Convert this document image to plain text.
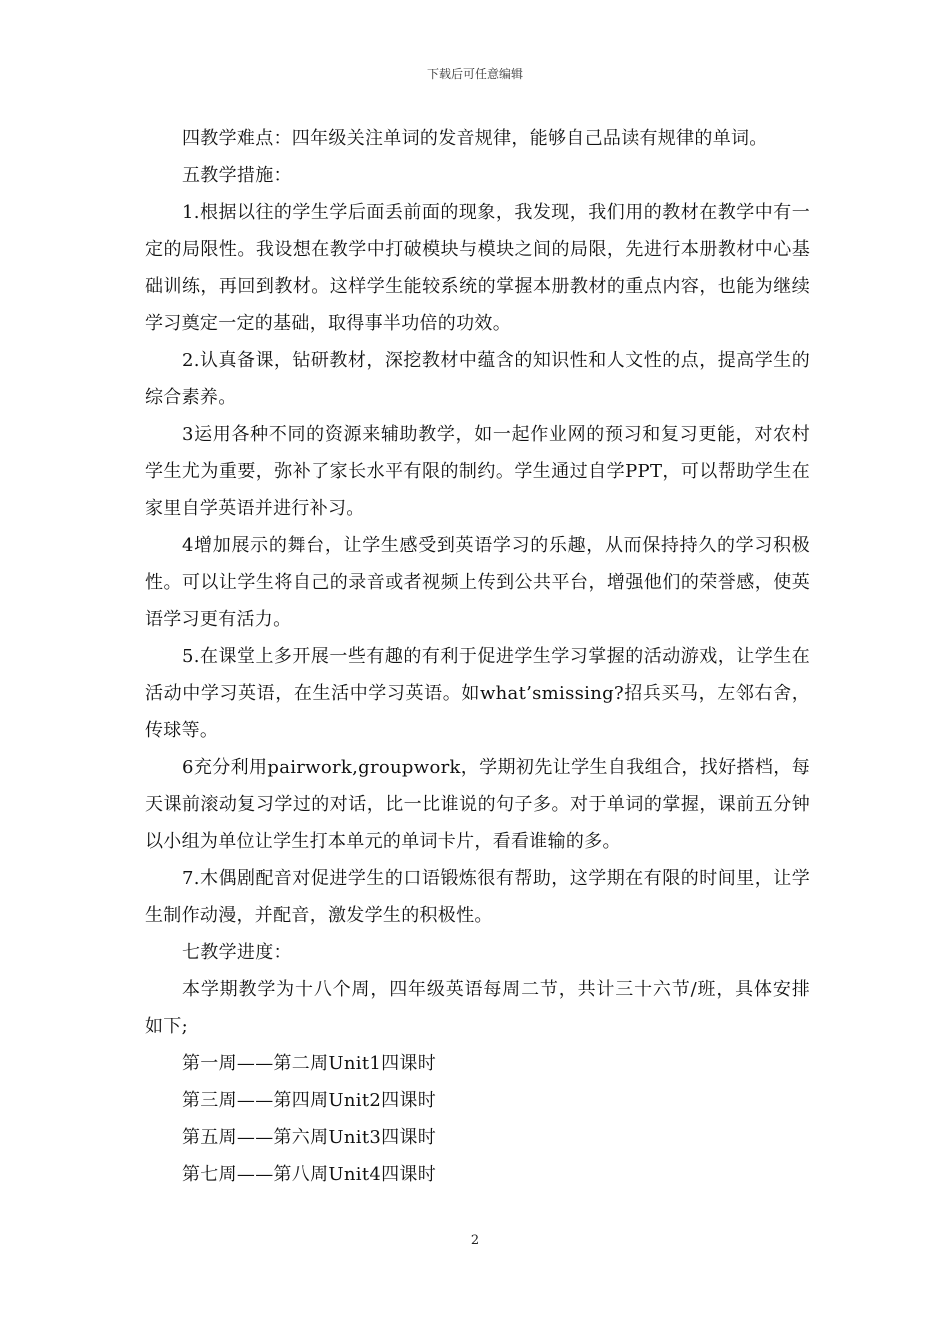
下载后可任意编辑

四教学难点：四年级关注单词的发音规律，能够自己品读有规律的单词。

五教学措施：

1.根据以往的学生学后面丢前面的现象，我发现，我们用的教材在教学中有一定的局限性。我设想在教学中打破模块与模块之间的局限，先进行本册教材中心基础训练，再回到教材。这样学生能较系统的掌握本册教材的重点内容，也能为继续学习奠定一定的基础，取得事半功倍的功效。

2.认真备课，钻研教材，深挖教材中蕴含的知识性和人文性的点，提高学生的综合素养。

3运用各种不同的资源来辅助教学，如一起作业网的预习和复习更能，对农村学生尤为重要，弥补了家长水平有限的制约。学生通过自学PPT，可以帮助学生在家里自学英语并进行补习。

4增加展示的舞台，让学生感受到英语学习的乐趣，从而保持持久的学习积极性。可以让学生将自己的录音或者视频上传到公共平台，增强他们的荣誉感，使英语学习更有活力。

5.在课堂上多开展一些有趣的有利于促进学生学习掌握的活动游戏，让学生在活动中学习英语，在生活中学习英语。如what’smissing?招兵买马，左邻右舍，传球等。

6充分利用pairwork,groupwork，学期初先让学生自我组合，找好搭档，每天课前滚动复习学过的对话，比一比谁说的句子多。对于单词的掌握，课前五分钟以小组为单位让学生打本单元的单词卡片，看看谁输的多。

7.木偶剧配音对促进学生的口语锻炼很有帮助，这学期在有限的时间里，让学生制作动漫，并配音，激发学生的积极性。

七教学进度：

本学期教学为十八个周，四年级英语每周二节，共计三十六节/班，具体安排如下;

第一周——第二周Unit1四课时

第三周——第四周Unit2四课时

第五周——第六周Unit3四课时

第七周——第八周Unit4四课时

2
